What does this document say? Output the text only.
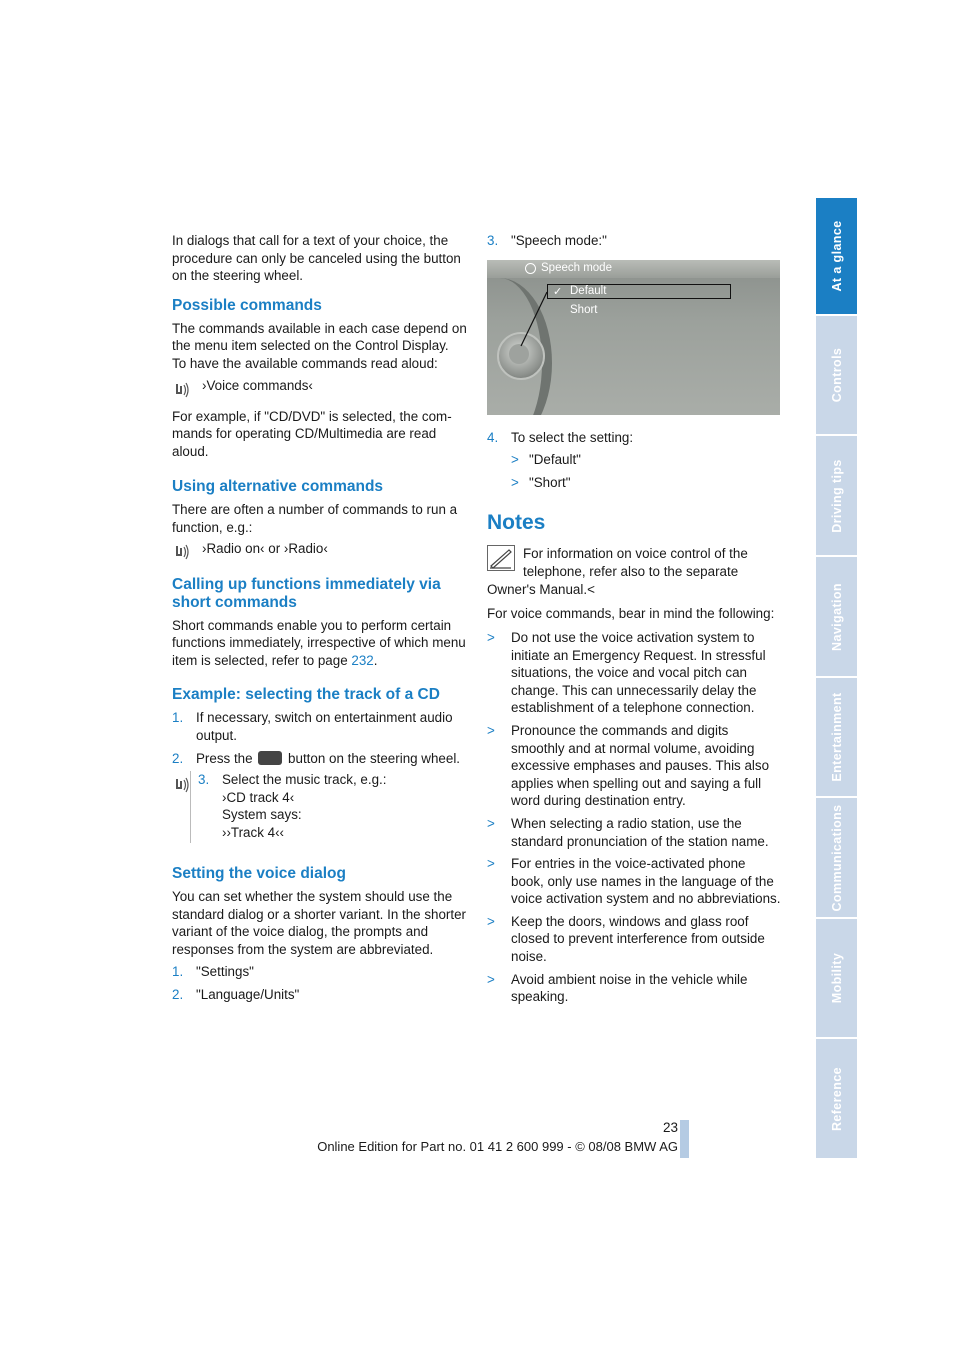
In dialogs that call for a text of your choice, the procedure can only be canceled using the button on the steering wheel.

Possible commands

The commands available in each case depend on the menu item selected on the Control Display.

To have the available commands read aloud:

›Voice commands‹

For example, if "CD/DVD" is selected, the commands for operating CD/Multimedia are read aloud.

Using alternative commands

There are often a number of commands to run a function, e.g.:

›Radio on‹ or ›Radio‹

Calling up functions immediately via
short commands

Short commands enable you to perform certain functions immediately, irrespective of which menu item is selected, refer to page 232.

Example: selecting the track of a CD

1. If necessary, switch on entertainment audio output.
2. Press the	button on the steering wheel.
3. Select the music track, e.g.:
›CD track 4‹
System says:
››Track 4‹‹

Setting the voice dialog

You can set whether the system should use the standard dialog or a shorter variant. In the shorter variant of the voice dialog, the prompts and responses from the system are abbreviated.

1. "Settings"
2. "Language/Units"
3. "Speech mode:"
Speech mode
✓ Default
Short
4. To select the setting:
> "Default"
> "Short"

Notes

For information on voice control of the
telephone, refer also to the separate
Owner's Manual.<

For voice commands, bear in mind the following:

>	Do not use the voice activation system to initiate an Emergency Request. In stressful situations, the voice and vocal pitch can change. This can unnecessarily delay the establishment of a telephone connection.
>	Pronounce the commands and digits smoothly and at normal volume, avoiding excessive emphases and pauses. This also applies when spelling out and saying a full word during destination entry.
>	When selecting a radio station, use the standard pronunciation of the station name.
>	For entries in the voice-activated phone book, only use names in the language of the voice activation system and no abbreviations.
>	Keep the doors, windows and glass roof closed to prevent interference from outside noise.
>	Avoid ambient noise in the vehicle while speaking.
At a glance
Controls
Driving tips
Navigation
Entertainment
Communications
Mobility
Reference
23
Online Edition for Part no. 01 41 2 600 999 - © 08/08 BMW AG
